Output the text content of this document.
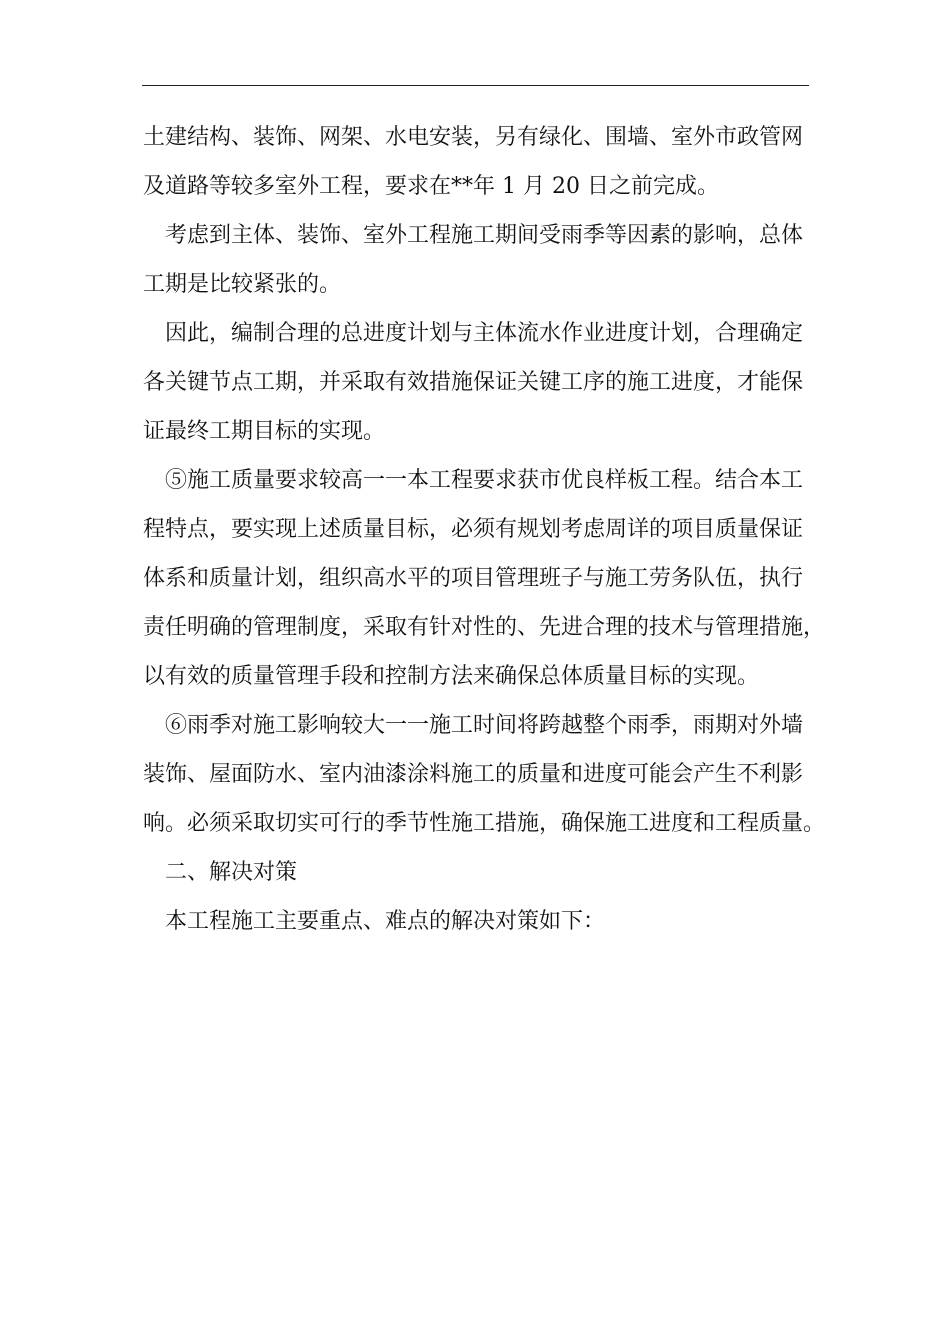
土建结构、装饰、网架、水电安装，另有绿化、围墙、室外市政管网
及道路等较多室外工程，要求在**年 1 月 20 日之前完成。
考虑到主体、装饰、室外工程施工期间受雨季等因素的影响，总体
工期是比较紧张的。
因此，编制合理的总进度计划与主体流水作业进度计划，合理确定
各关键节点工期，并采取有效措施保证关键工序的施工进度，才能保
证最终工期目标的实现。
⑤施工质量要求较高一一本工程要求获市优良样板工程。结合本工
程特点，要实现上述质量目标，必须有规划考虑周详的项目质量保证
体系和质量计划，组织高水平的项目管理班子与施工劳务队伍，执行
责任明确的管理制度，采取有针对性的、先进合理的技术与管理措施，
以有效的质量管理手段和控制方法来确保总体质量目标的实现。
⑥雨季对施工影响较大一一施工时间将跨越整个雨季，雨期对外墙
装饰、屋面防水、室内油漆涂料施工的质量和进度可能会产生不利影
响。必须采取切实可行的季节性施工措施，确保施工进度和工程质量。
二、解决对策
本工程施工主要重点、难点的解决对策如下：
